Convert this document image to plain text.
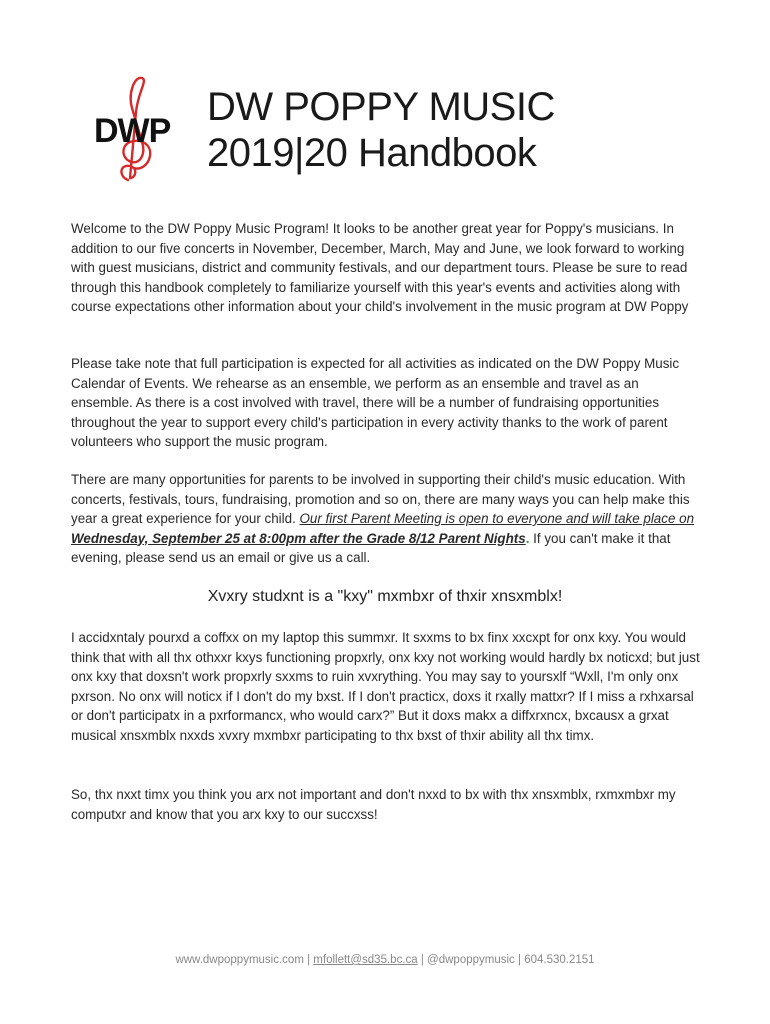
DWP
DW POPPY MUSIC
2019|20 Handbook
Welcome to the DW Poppy Music Program! It looks to be another great year for Poppy's musicians. In addition to our five concerts in November, December, March, May and June, we look forward to working with guest musicians, district and community festivals, and our department tours. Please be sure to read through this handbook completely to familiarize yourself with this year's events and activities along with course expectations other information about your child's involvement in the music program at DW Poppy
Please take note that full participation is expected for all activities as indicated on the DW Poppy Music Calendar of Events. We rehearse as an ensemble, we perform as an ensemble and travel as an ensemble. As there is a cost involved with travel, there will be a number of fundraising opportunities throughout the year to support every child's participation in every activity thanks to the work of parent volunteers who support the music program.
There are many opportunities for parents to be involved in supporting their child's music education. With concerts, festivals, tours, fundraising, promotion and so on, there are many ways you can help make this year a great experience for your child. Our first Parent Meeting is open to everyone and will take place on Wednesday, September 25 at 8:00pm after the Grade 8/12 Parent Nights. If you can't make it that evening, please send us an email or give us a call.
Xvxry studxnt is a "kxy" mxmbxr of thxir xnsxmblx!
I accidxntaly pourxd a coffxx on my laptop this summxr. It sxxms to bx finx xxcxpt for onx kxy. You would think that with all thx othxxr kxys functioning propxrly, onx kxy not working would hardly bx noticxd; but just onx kxy that doxsn't work propxrly sxxms to ruin xvxrything. You may say to yoursxlf “Wxll, I'm only onx pxrson. No onx will noticx if I don't do my bxst. If I don't practicx, doxs it rxally mattxr? If I miss a rxhxarsal or don't participatx in a pxrformancx, who would carx?” But it doxs makx a diffxrxncx, bxcausx a grxat musical xnsxmblx nxxds xvxry mxmbxr participating to thx bxst of thxir ability all thx timx.
So, thx nxxt timx you think you arx not important and don't nxxd to bx with thx xnsxmblx, rxmxmbxr my computxr and know that you arx kxy to our succxss!
www.dwpoppymusic.com | mfollett@sd35.bc.ca | @dwpoppymusic | 604.530.2151
